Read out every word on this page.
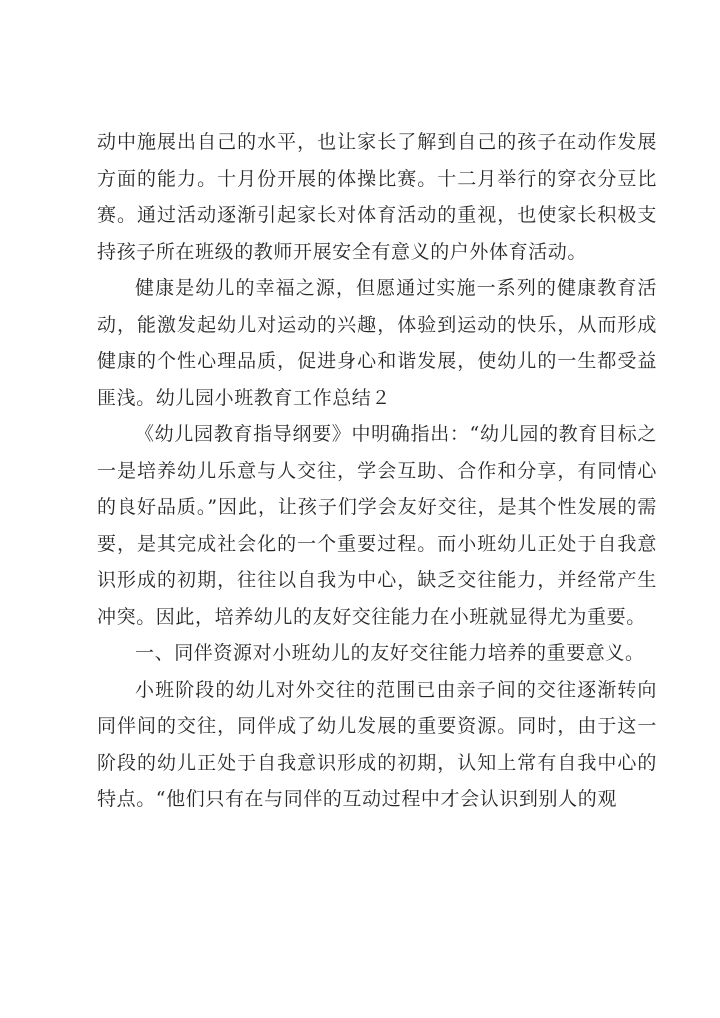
动中施展出自己的水平，也让家长了解到自己的孩子在动作发展方面的能力。十月份开展的体操比赛。十二月举行的穿衣分豆比赛。通过活动逐渐引起家长对体育活动的重视，也使家长积极支持孩子所在班级的教师开展安全有意义的户外体育活动。

健康是幼儿的幸福之源，但愿通过实施一系列的健康教育活动，能激发起幼儿对运动的兴趣，体验到运动的快乐，从而形成健康的个性心理品质，促进身心和谐发展，使幼儿的一生都受益匪浅。幼儿园小班教育工作总结２

《幼儿园教育指导纲要》中明确指出：“幼儿园的教育目标之一是培养幼儿乐意与人交往，学会互助、合作和分享，有同情心的良好品质。”因此，让孩子们学会友好交往，是其个性发展的需要，是其完成社会化的一个重要过程。而小班幼儿正处于自我意识形成的初期，往往以自我为中心，缺乏交往能力，并经常产生冲突。因此，培养幼儿的友好交往能力在小班就显得尤为重要。

一、同伴资源对小班幼儿的友好交往能力培养的重要意义。

小班阶段的幼儿对外交往的范围已由亲子间的交往逐渐转向同伴间的交往，同伴成了幼儿发展的重要资源。同时，由于这一阶段的幼儿正处于自我意识形成的初期，认知上常有自我中心的特点。“他们只有在与同伴的互动过程中才会认识到别人的观
